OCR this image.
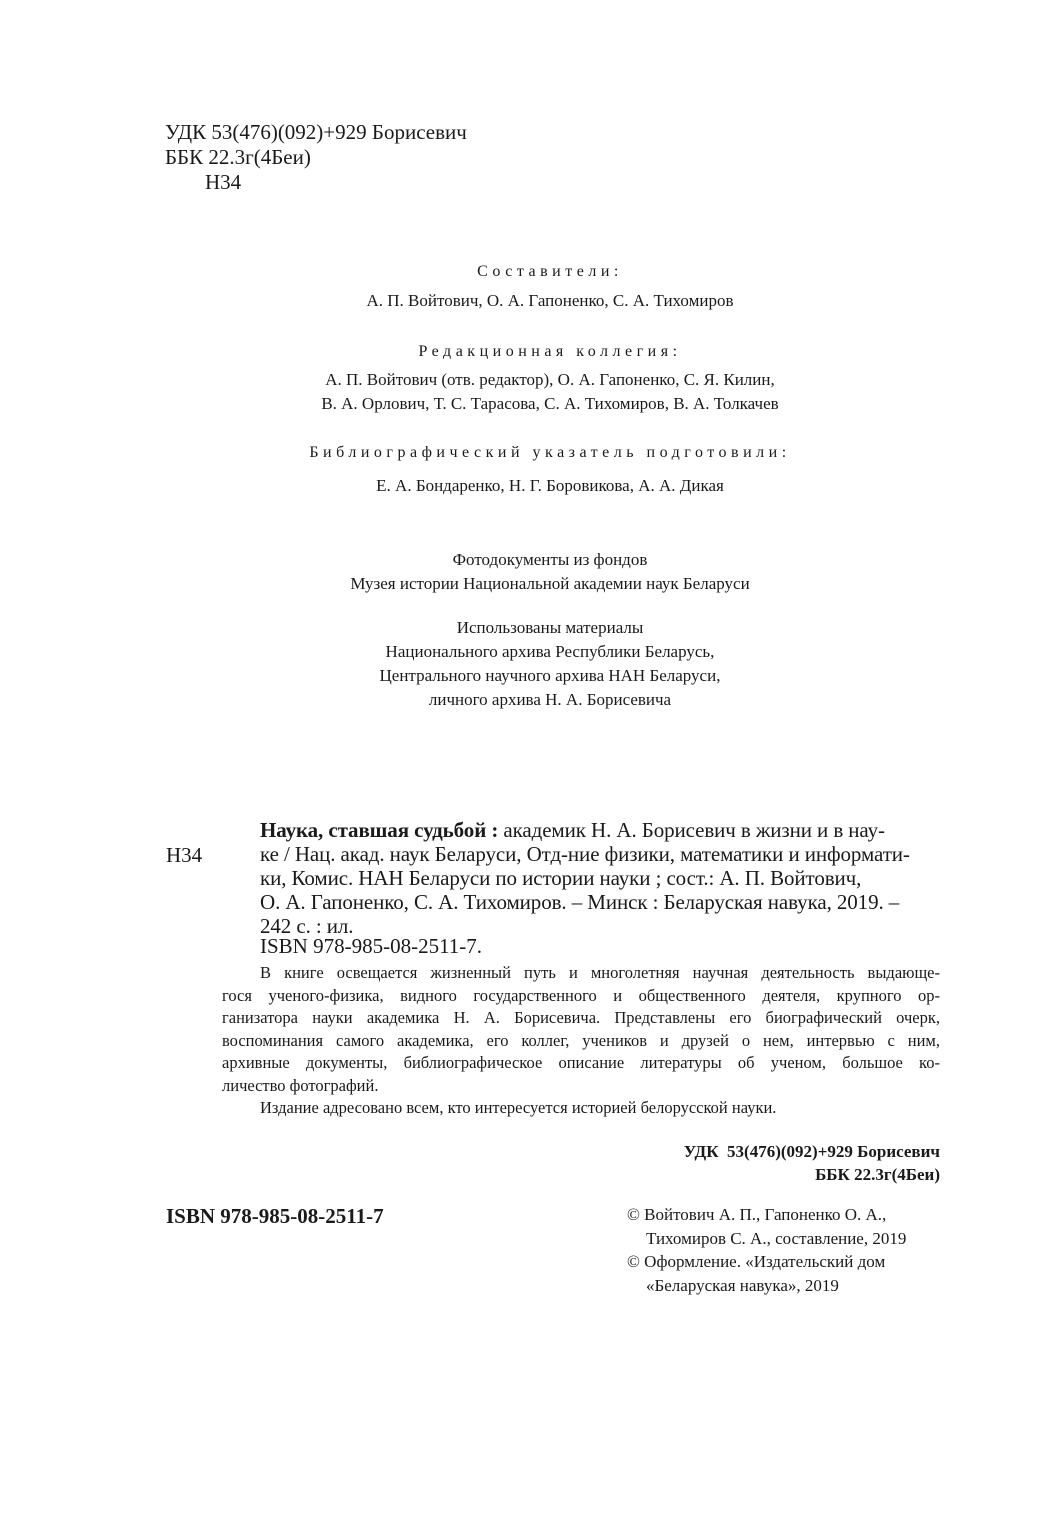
УДК 53(476)(092)+929 Борисевич
ББК 22.3г(4Беи)
Н34
Составители:
А. П. Войтович, О. А. Гапоненко, С. А. Тихомиров
Редакционная коллегия:
А. П. Войтович (отв. редактор), О. А. Гапоненко, С. Я. Килин,
В. А. Орлович, Т. С. Тарасова, С. А. Тихомиров, В. А. Толкачев
Библиографический указатель подготовили:
Е. А. Бондаренко, Н. Г. Боровикова, А. А. Дикая
Фотодокументы из фондов
Музея истории Национальной академии наук Беларуси
Использованы материалы
Национального архива Республики Беларусь,
Центрального научного архива НАН Беларуси,
личного архива Н. А. Борисевича
Н34
Наука, ставшая судьбой : академик Н. А. Борисевич в жизни и в нау-
ке / Нац. акад. наук Беларуси, Отд-ние физики, математики и информати-
ки, Комис. НАН Беларуси по истории науки ; сост.: А. П. Войтович,
О. А. Гапоненко, С. А. Тихомиров. – Минск : Беларуская навука, 2019. –
242 с. : ил.
ISBN 978-985-08-2511-7.
В книге освещается жизненный путь и многолетняя научная деятельность выдающе-
гося ученого-физика, видного государственного и общественного деятеля, крупного ор-
ганизатора науки академика Н. А. Борисевича. Представлены его биографический очерк,
воспоминания самого академика, его коллег, учеников и друзей о нем, интервью с ним,
архивные документы, библиографическое описание литературы об ученом, большое ко-
личество фотографий.
Издание адресовано всем, кто интересуется историей белорусской науки.
УДК  53(476)(092)+929 Борисевич
ББК 22.3г(4Беи)
ISBN 978-985-08-2511-7	© Войтович А. П., Гапоненко О. А.,
Тихомиров С. А., составление, 2019
© Оформление. «Издательский дом
«Беларуская навука», 2019
